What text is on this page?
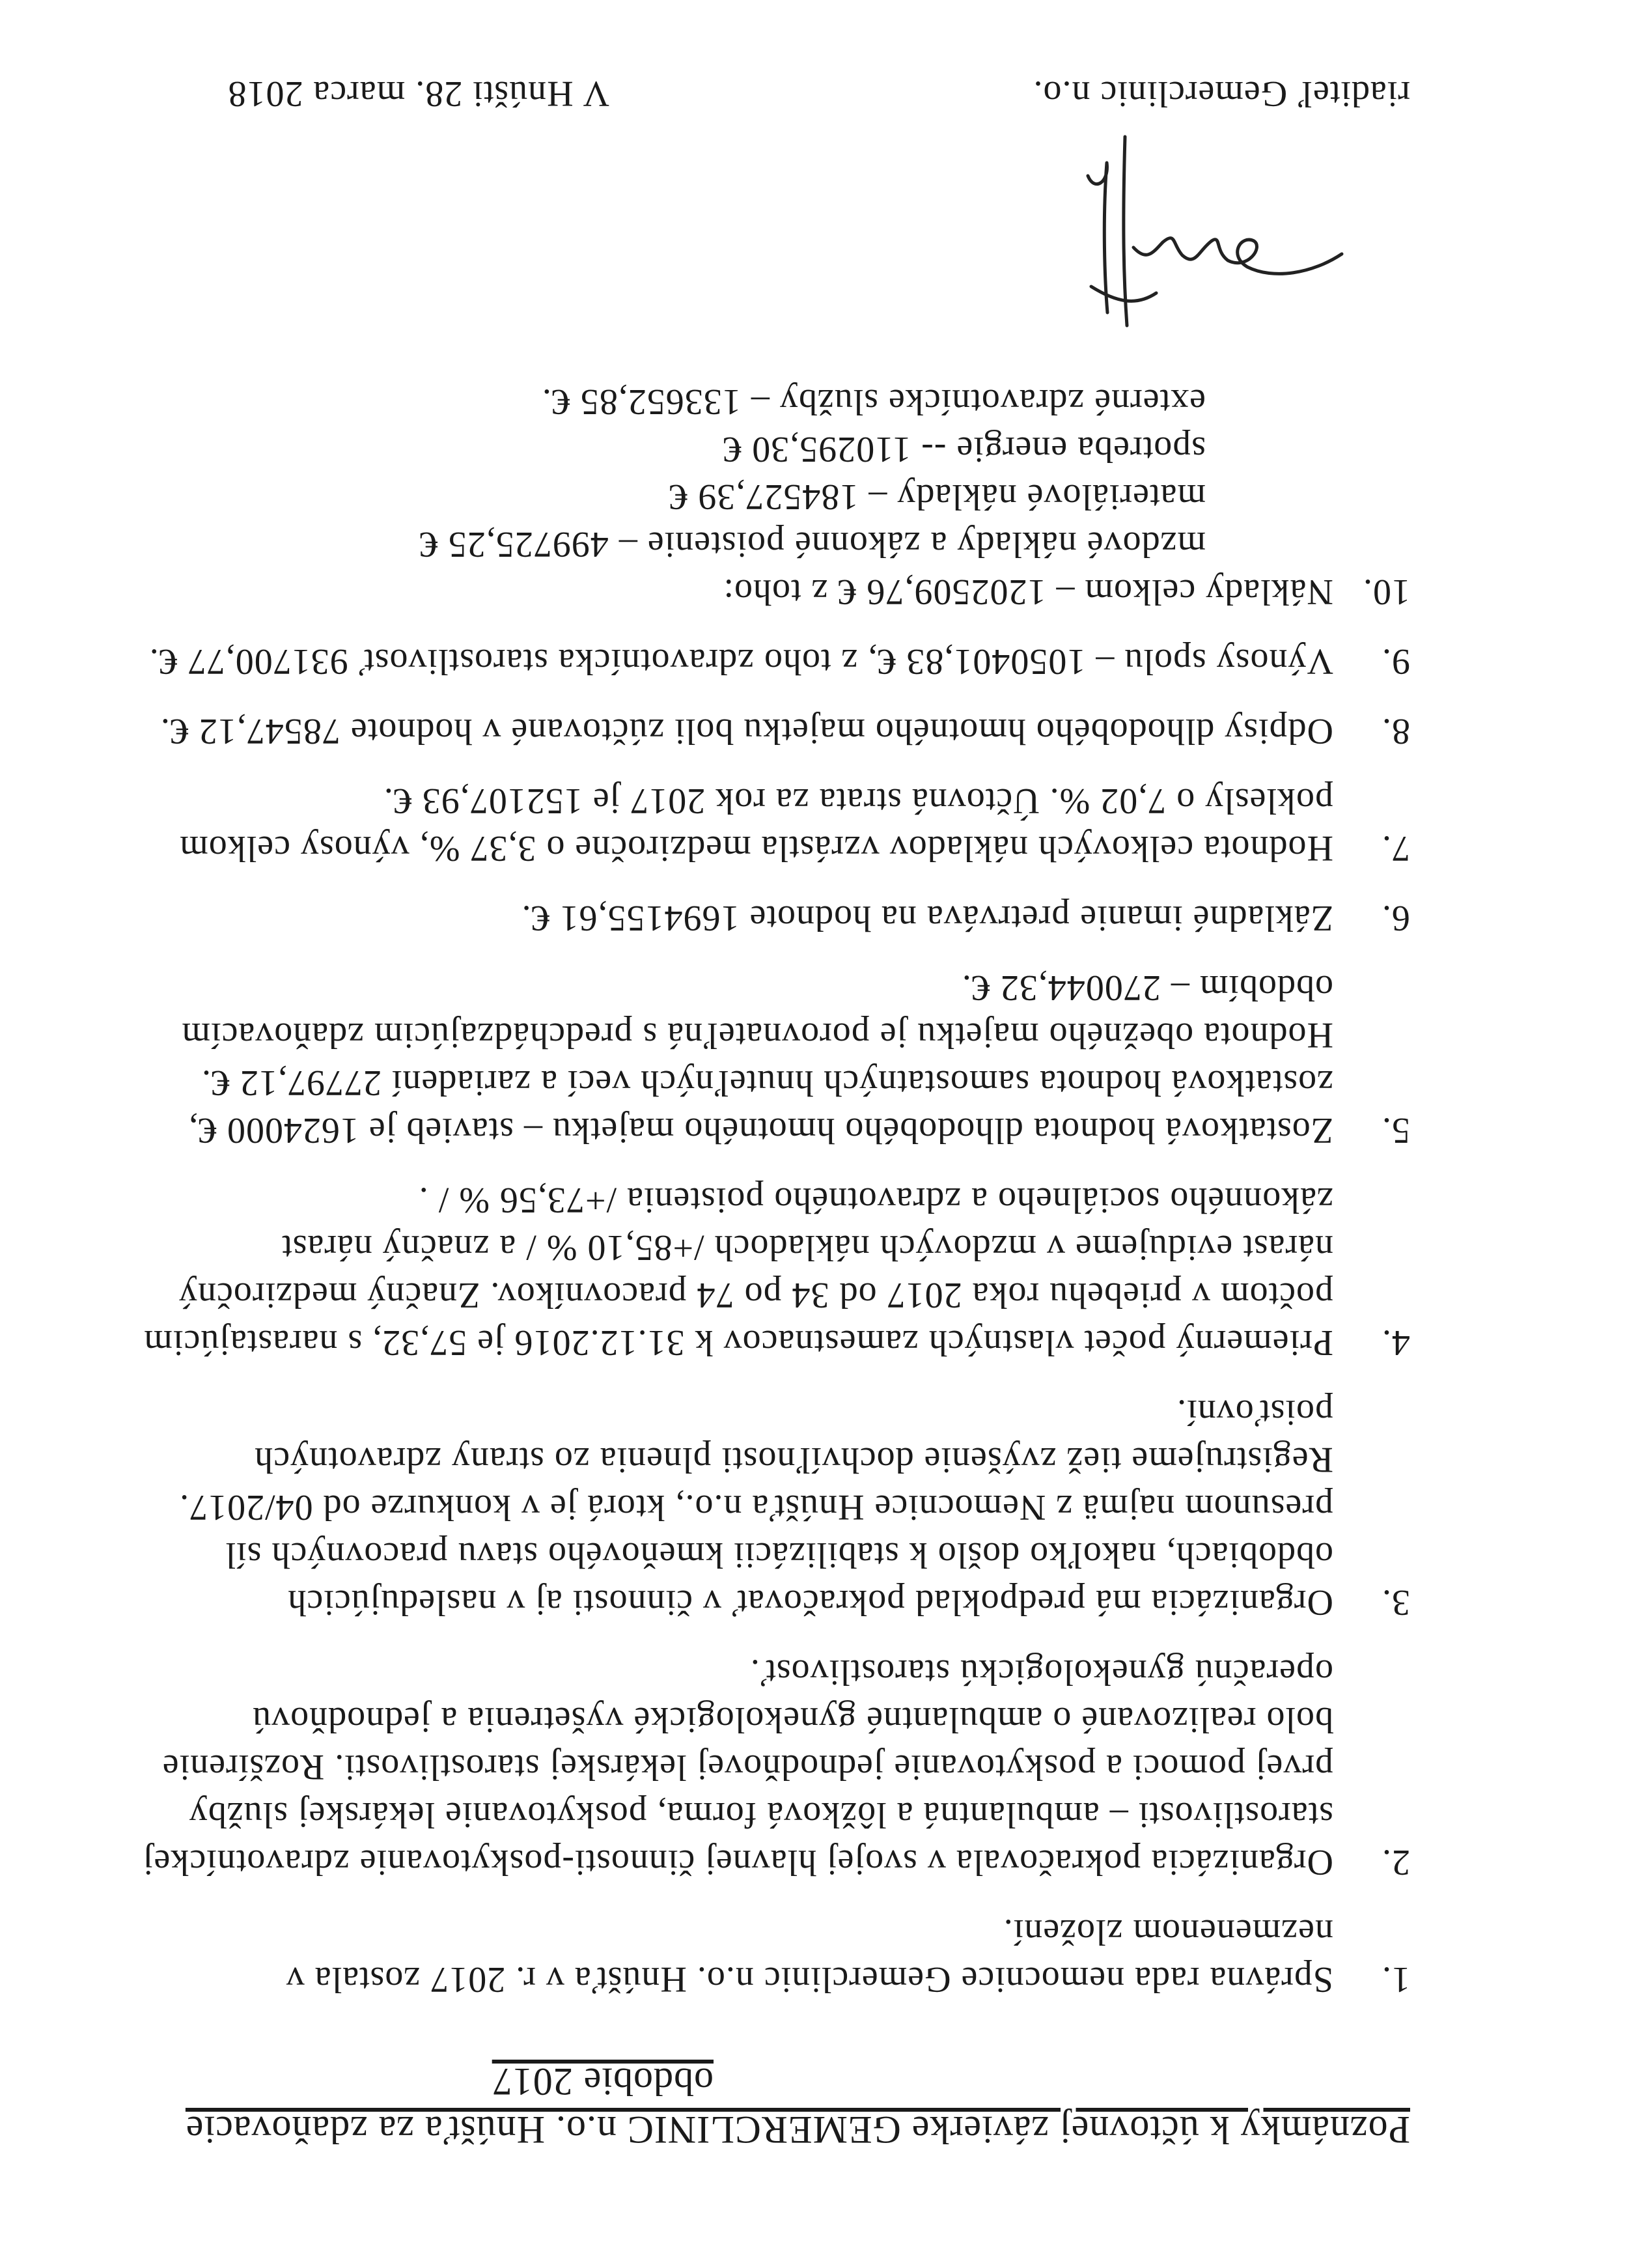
Poznámky k účtovnej závierke GEMERCLINIC n.o. Hnúšťa za zdaňovacie
obdobie 2017
1.

Správna rada nemocnice Gemerclinic n.o. Hnúšťa v r. 2017 zostala v

nezmenenom zložení.

2.

Organizácia pokračovala v svojej hlavnej činnosti-poskytovanie zdravotníckej

starostlivosti – ambulantná a lôžková forma, poskytovanie lekárskej služby

prvej pomoci a poskytovanie jednodňovej lekárskej starostlivosti. Rozšírenie

bolo realizované o ambulantné gynekologické vyšetrenia a jednodňovú

operačnú gynekologickú starostlivosť.

3.

Organizácia má predpoklad pokračovať v činnosti aj v nasledujúcich

obdobiach, nakoľko došlo k stabilizácii kmeňového stavu pracovných síl

presunom najmä z Nemocnice Hnúšťa n.o., ktorá je v konkurze od 04/2017.

Registrujeme tiež zvýšenie dochvíľnosti plnenia zo strany zdravotných

poisťovní.

4.

Priemerný počet vlastných zamestnacov k 31.12.2016 je 57,32, s narastajúcim

počtom v priebehu roka 2017 od 34 po 74 pracovníkov. Značný medziročný

nárast evidujeme v mzdových nákladoch /+85,10 % / a značný nárast

zákonného sociálneho a zdravotného poistenia /+73,56 % / .

5.

Zostatková hodnota dlhodobého hmotného majetku – stavieb je 1624000 €,

zostatková hodnota samostatných hnuteľných vecí a zariadení 27797,12 €.

Hodnota obežného majetku je porovnateľná s predchádzajúcim zdaňovacím

obdobím – 270044,32 €.

6.

Základné imanie pretrváva na hodnote 1694155,61 €.

7.

Hodnota celkových nákladov vzrástla medziročne o 3,37 %, výnosy celkom

poklesly o 7,02 %. Účtovná strata za rok 2017 je 152107,93 €.

8.

Odpisy dlhodobého hmotného majetku boli zúčtované v hodnote 78547,12 €.

9.

Výnosy spolu – 1050401,83 €, z toho zdravotnícka starostlivosť 931700,77 €.

10.

Náklady celkom – 1202509,76 € z toho:

mzdové náklady a zákonné poistenie – 499725,25 €

materiálové náklady – 184527,39 €

spotreba energie -- 110295,30 €

externé zdravotnícke služby – 133652,85 €.

V Hnúšti 28. marca 2018	riaditeľ Gemerclinic n.o.
